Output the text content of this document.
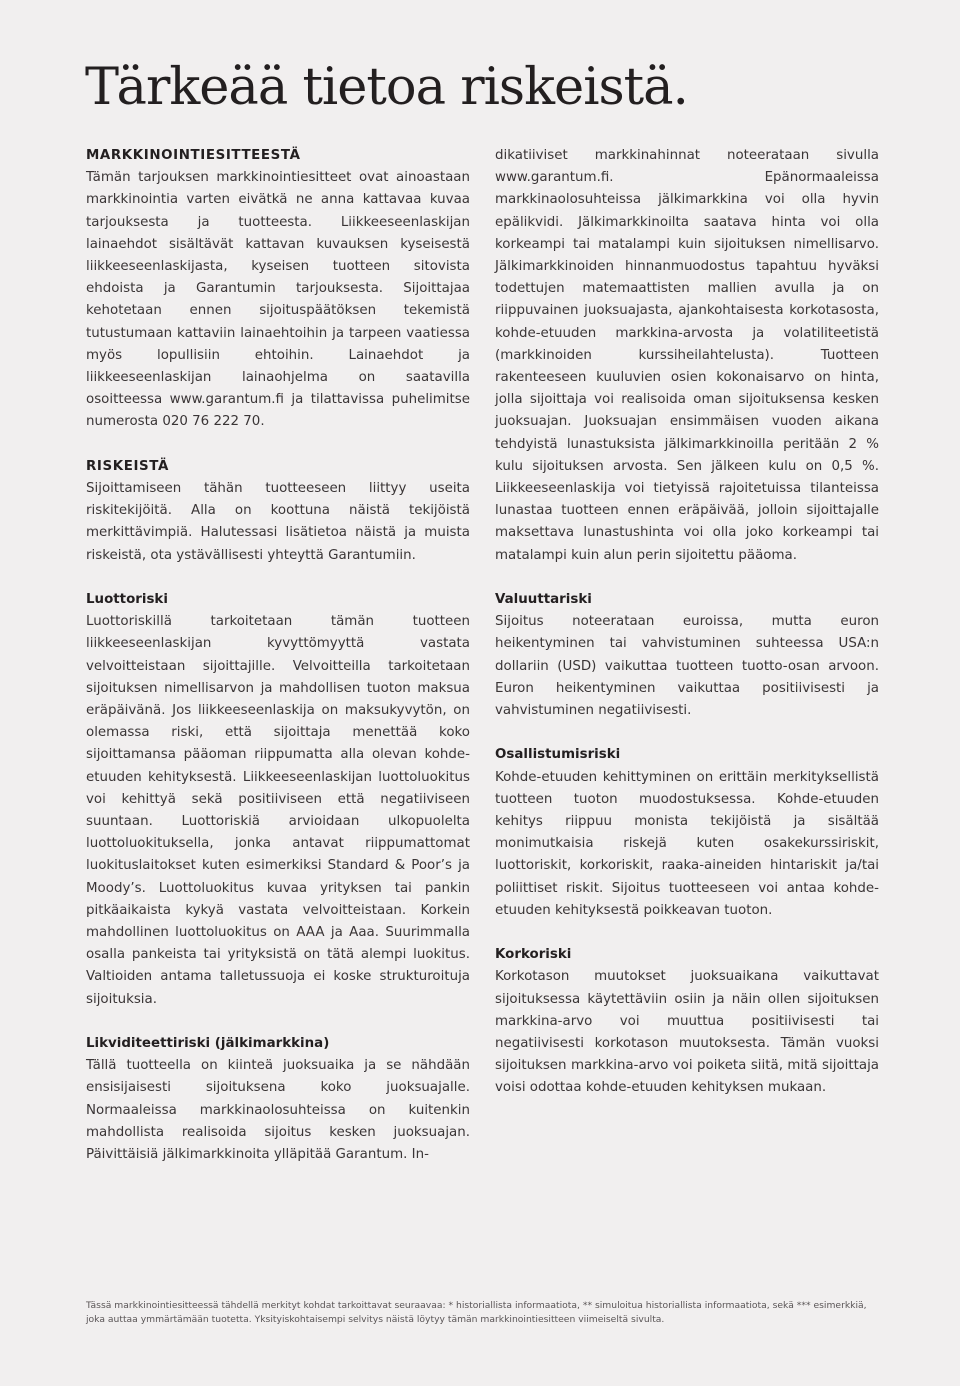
Tärkeää tietoa riskeistä.
MARKKINOINTIESITTEESTÄ

Tämän tarjouksen markkinointiesitteet ovat ainoastaan markkinointia varten eivätkä ne anna kattavaa kuvaa tarjouksesta ja tuotteesta. Liikkeeseenlaskijan lainaehdot sisältävät kattavan kuvauksen kyseisestä liikkeeseenlaskijasta, kyseisen tuotteen sitovista ehdoista ja Garantumin tarjouksesta. Sijoittajaa kehotetaan ennen sijoituspäätöksen tekemistä tutustumaan kattaviin lainaehtoihin ja tarpeen vaatiessa myös lopullisiin ehtoihin. Lainaehdot ja liikkeeseenlaskijan lainaohjelma on saatavilla osoitteessa www.garantum.fi ja tilattavissa puhelimitse numerosta 020 76 222 70.

RISKEISTÄ

Sijoittamiseen tähän tuotteeseen liittyy useita riskitekijöitä. Alla on koottuna näistä tekijöistä merkittävimpiä. Halutessasi lisätietoa näistä ja muista riskeistä, ota ystävällisesti yhteyttä Garantumiin.

Luottoriski

Luottoriskillä tarkoitetaan tämän tuotteen liikkeeseenlaskijan kyvyttömyyttä vastata velvoitteistaan sijoittajille. Velvoitteilla tarkoitetaan sijoituksen nimellisarvon ja mahdollisen tuoton maksua eräpäivänä. Jos liikkeeseenlaskija on maksukyvytön, on olemassa riski, että sijoittaja menettää koko sijoittamansa pääoman riippumatta alla olevan kohde-etuuden kehityksestä. Liikkeeseenlaskijan luottoluokitus voi kehittyä sekä positiiviseen että negatiiviseen suuntaan. Luottoriskiä arvioidaan ulkopuolelta luottoluokituksella, jonka antavat riippumattomat luokituslaitokset kuten esimerkiksi Standard & Poor’s ja Moody’s. Luottoluokitus kuvaa yrityksen tai pankin pitkäaikaista kykyä vastata velvoitteistaan. Korkein mahdollinen luottoluokitus on AAA ja Aaa. Suurimmalla osalla pankeista tai yrityksistä on tätä alempi luokitus. Valtioiden antama talletussuoja ei koske strukturoituja sijoituksia.

Likviditeettiriski (jälkimarkkina)

Tällä tuotteella on kiinteä juoksuaika ja se nähdään ensisijaisesti sijoituksena koko juoksuajalle. Normaaleissa markkinaolosuhteissa on kuitenkin mahdollista realisoida sijoitus kesken juoksuajan. Päivittäisiä jälkimarkkinoita ylläpitää Garantum. In-

dikatiiviset markkinahinnat noteerataan sivulla www.garantum.fi. Epänormaaleissa markkinaolosuhteissa jälkimarkkina voi olla hyvin epälikvidi. Jälkimarkkinoilta saatava hinta voi olla korkeampi tai matalampi kuin sijoituksen nimellisarvo. Jälkimarkkinoiden hinnanmuodostus tapahtuu hyväksi todettujen matemaattisten mallien avulla ja on riippuvainen juoksuajasta, ajankohtaisesta korkotasosta, kohde-etuuden markkina-arvosta ja volatiliteetistä (markkinoiden kurssiheilahtelusta). Tuotteen rakenteeseen kuuluvien osien kokonaisarvo on hinta, jolla sijoittaja voi realisoida oman sijoituksensa kesken juoksuajan. Juoksuajan ensimmäisen vuoden aikana tehdyistä lunastuksista jälkimarkkinoilla peritään 2 % kulu sijoituksen arvosta. Sen jälkeen kulu on 0,5 %. Liikkeeseenlaskija voi tietyissä rajoitetuissa tilanteissa lunastaa tuotteen ennen eräpäivää, jolloin sijoittajalle maksettava lunastushinta voi olla joko korkeampi tai matalampi kuin alun perin sijoitettu pääoma.

Valuuttariski

Sijoitus noteerataan euroissa, mutta euron heikentyminen tai vahvistuminen suhteessa USA:n dollariin (USD) vaikuttaa tuotteen tuotto-osan arvoon. Euron heikentyminen vaikuttaa positiivisesti ja vahvistuminen negatiivisesti.

Osallistumisriski

Kohde-etuuden kehittyminen on erittäin merkityksellistä tuotteen tuoton muodostuksessa. Kohde-etuuden kehitys riippuu monista tekijöistä ja sisältää monimutkaisia riskejä kuten osakekurssiriskit, luottoriskit, korkoriskit, raaka-aineiden hintariskit ja/tai poliittiset riskit. Sijoitus tuotteeseen voi antaa kohde-etuuden kehityksestä poikkeavan tuoton.

Korkoriski

Korkotason muutokset juoksuaikana vaikuttavat sijoituksessa käytettäviin osiin ja näin ollen sijoituksen markkina-arvo voi muuttua positiivisesti tai negatiivisesti korkotason muutoksesta. Tämän vuoksi sijoituksen markkina-arvo voi poiketa siitä, mitä sijoittaja voisi odottaa kohde-etuuden kehityksen mukaan.

Tässä markkinointiesitteessä tähdellä merkityt kohdat tarkoittavat seuraavaa: * historiallista informaatiota, ** simuloitua historiallista informaatiota, sekä *** esimerkkiä, joka auttaa ymmärtämään tuotetta. Yksityiskohtaisempi selvitys näistä löytyy tämän markkinointiesitteen viimeiseltä sivulta.
